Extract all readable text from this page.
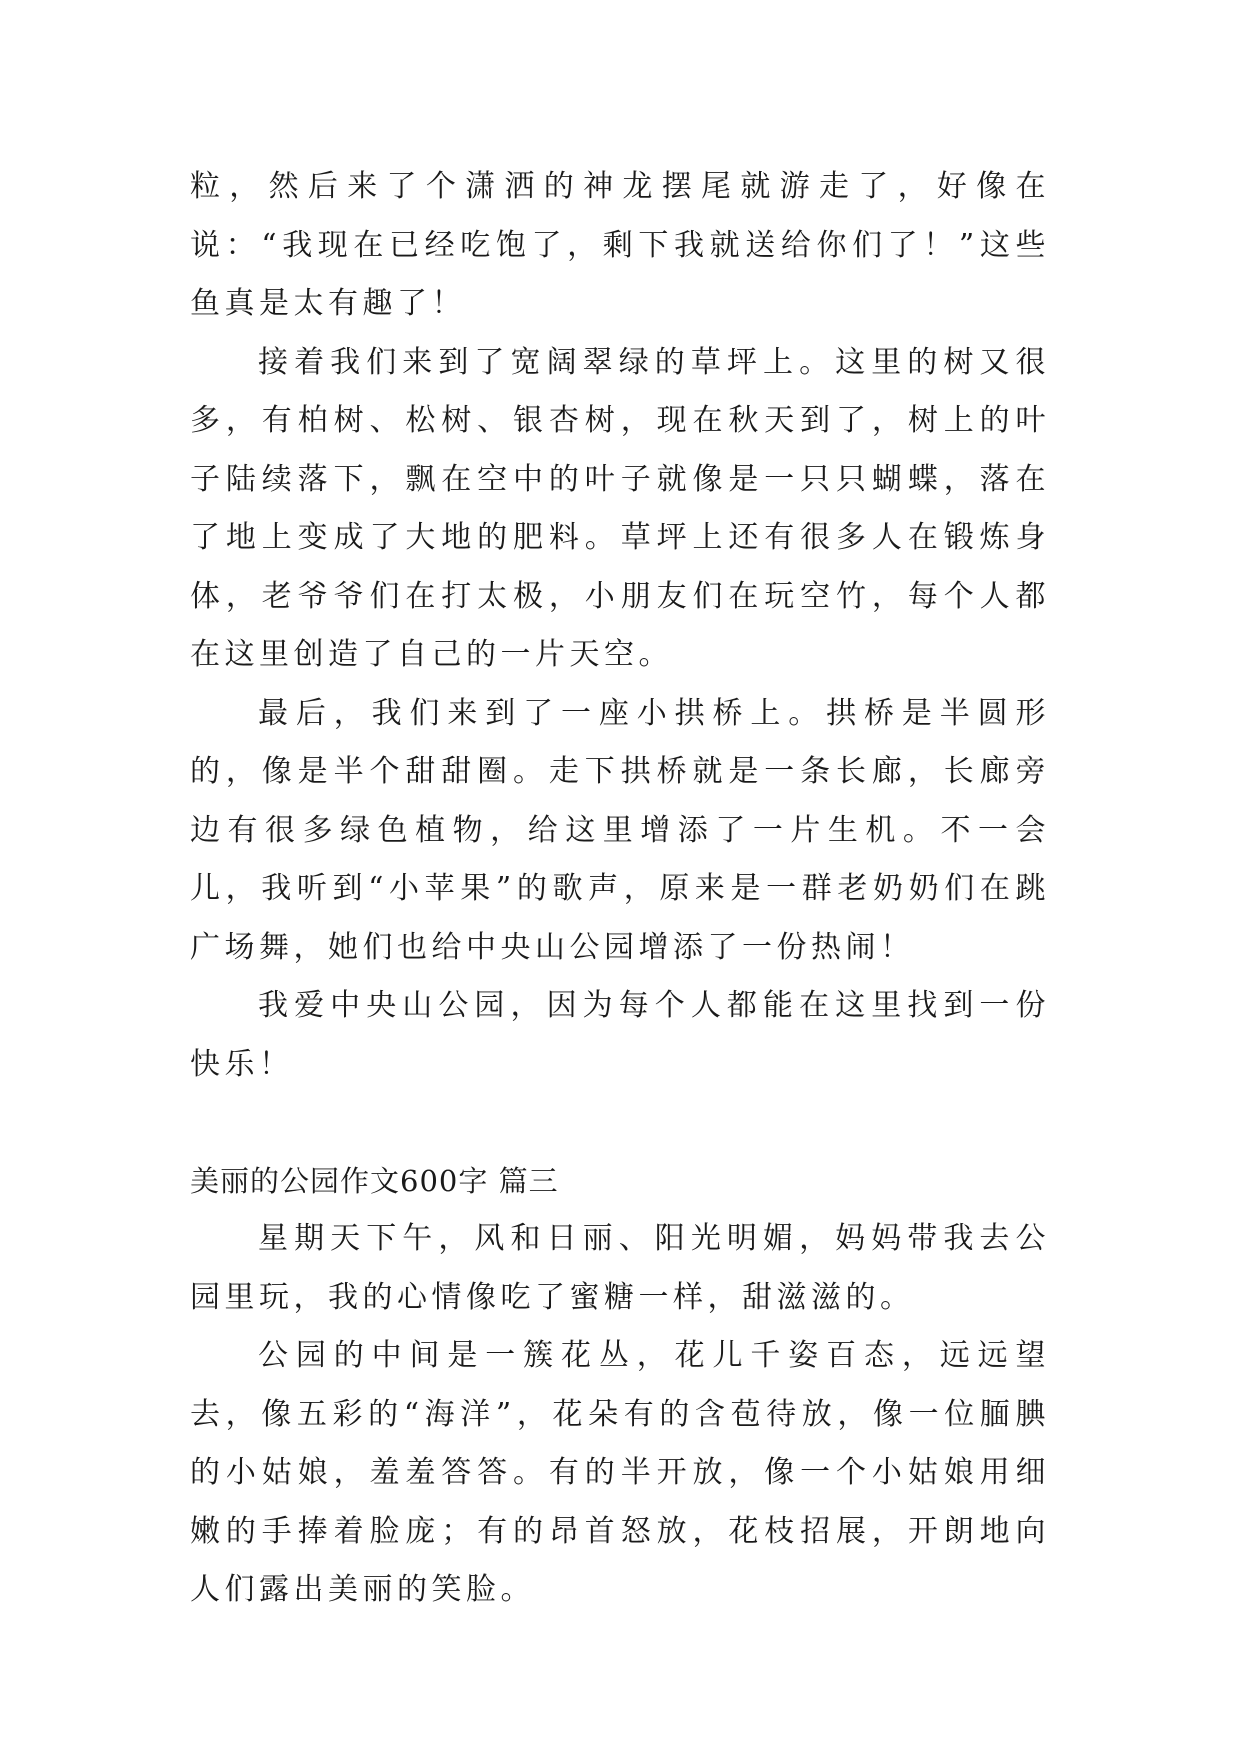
粒，然后来了个潇洒的神龙摆尾就游走了，好像在说：“我现在已经吃饱了，剩下我就送给你们了！”这些鱼真是太有趣了！

接着我们来到了宽阔翠绿的草坪上。这里的树又很多，有柏树、松树、银杏树，现在秋天到了，树上的叶子陆续落下，飘在空中的叶子就像是一只只蝴蝶，落在了地上变成了大地的肥料。草坪上还有很多人在锻炼身体，老爷爷们在打太极，小朋友们在玩空竹，每个人都在这里创造了自己的一片天空。

最后，我们来到了一座小拱桥上。拱桥是半圆形的，像是半个甜甜圈。走下拱桥就是一条长廊，长廊旁边有很多绿色植物，给这里增添了一片生机。不一会儿，我听到“小苹果”的歌声，原来是一群老奶奶们在跳广场舞，她们也给中央山公园增添了一份热闹！

我爱中央山公园，因为每个人都能在这里找到一份快乐！

美丽的公园作文600字 篇三

星期天下午，风和日丽、阳光明媚，妈妈带我去公园里玩，我的心情像吃了蜜糖一样，甜滋滋的。

公园的中间是一簇花丛，花儿千姿百态，远远望去，像五彩的“海洋”，花朵有的含苞待放，像一位腼腆的小姑娘，羞羞答答。有的半开放，像一个小姑娘用细嫩的手捧着脸庞；有的昂首怒放，花枝招展，开朗地向人们露出美丽的笑脸。
